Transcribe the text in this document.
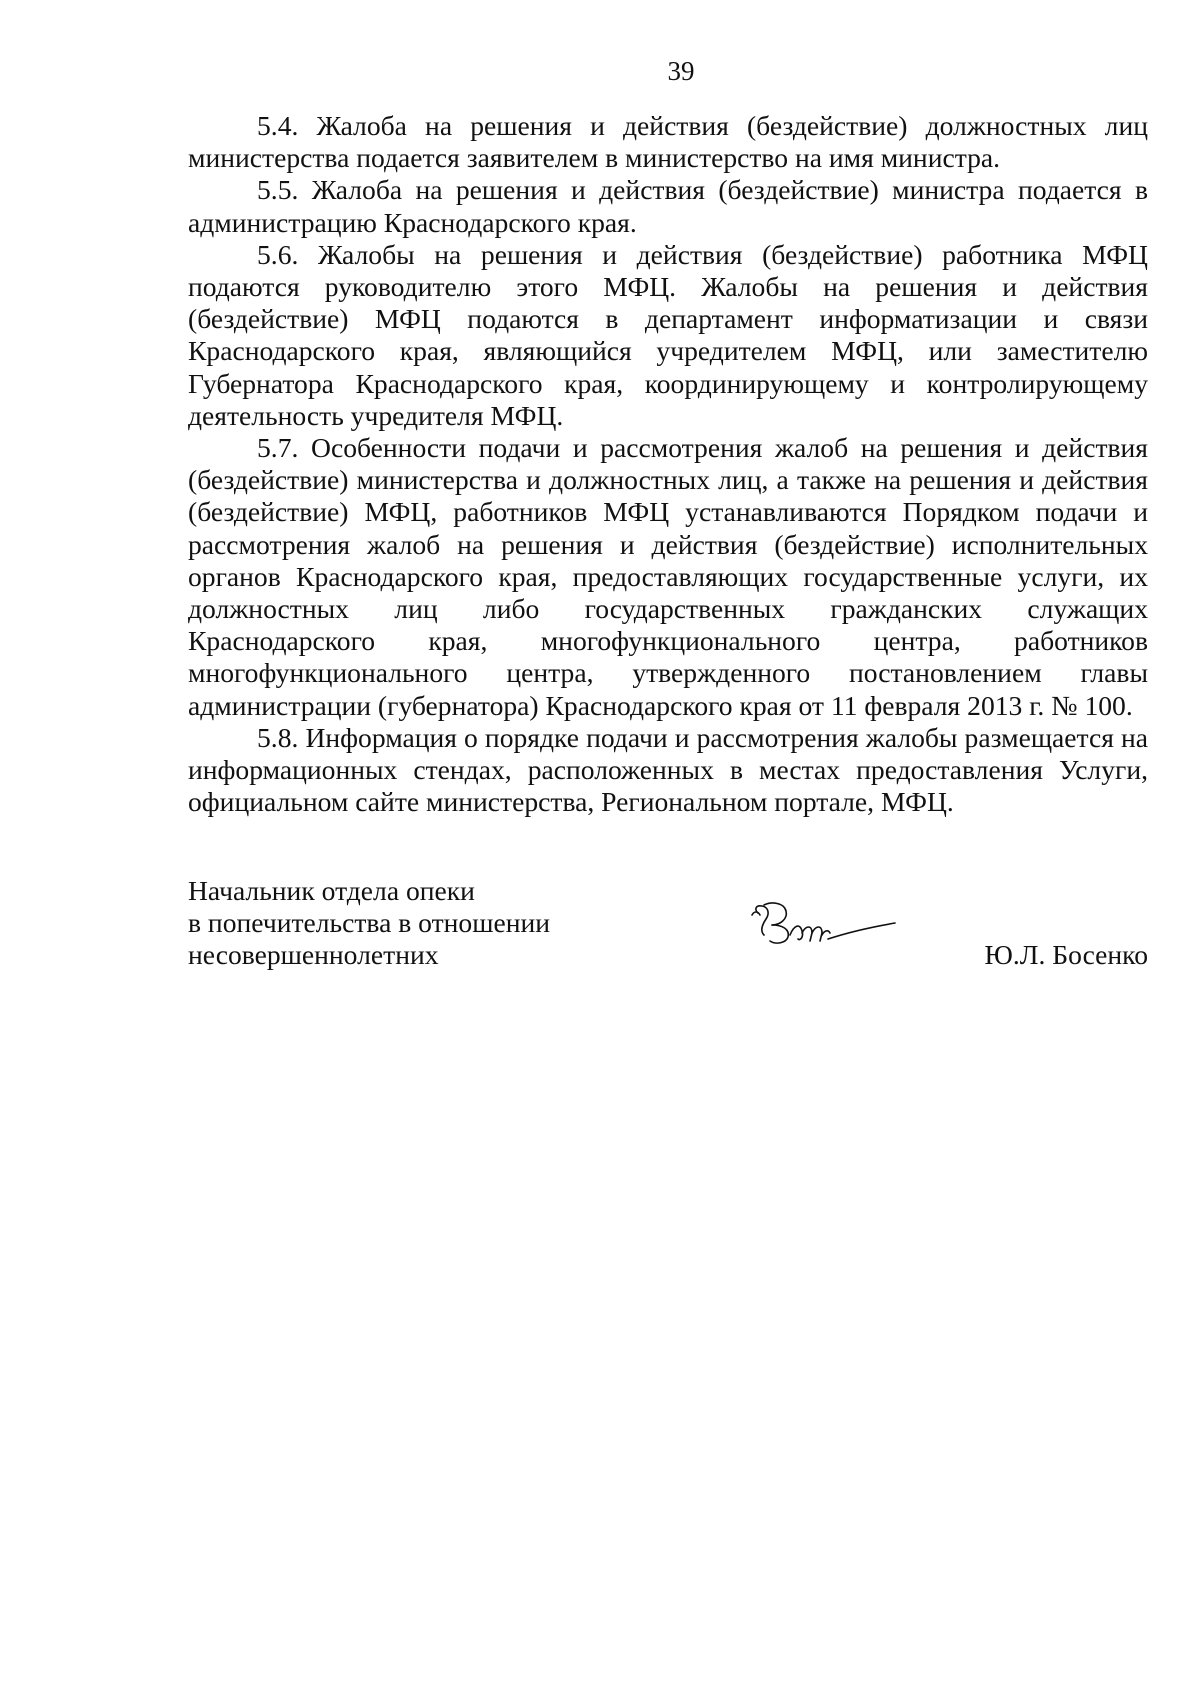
39

5.4. Жалоба на решения и действия (бездействие) должностных лиц министерства подается заявителем в министерство на имя министра.

5.5. Жалоба на решения и действия (бездействие) министра подается в администрацию Краснодарского края.

5.6. Жалобы на решения и действия (бездействие) работника МФЦ подаются руководителю этого МФЦ. Жалобы на решения и действия (бездействие) МФЦ подаются в департамент информатизации и связи Краснодарского края, являющийся учредителем МФЦ, или заместителю Губернатора Краснодарского края, координирующему и контролирующему деятельность учредителя МФЦ.

5.7. Особенности подачи и рассмотрения жалоб на решения и действия (бездействие) министерства и должностных лиц, а также на решения и действия (бездействие) МФЦ, работников МФЦ устанавливаются Порядком подачи и рассмотрения жалоб на решения и действия (бездействие) исполнительных органов Краснодарского края, предоставляющих государственные услуги, их должностных лиц либо государственных гражданских служащих Краснодарского края, многофункционального центра, работников многофункционального центра, утвержденного постановлением главы администрации (губернатора) Краснодарского края от 11 февраля 2013 г. № 100.

5.8. Информация о порядке подачи и рассмотрения жалобы размещается на информационных стендах, расположенных в местах предоставления Услуги, официальном сайте министерства, Региональном портале, МФЦ.

Начальник отдела опеки
в попечительства в отношении
несовершеннолетних	Ю.Л. Босенко
